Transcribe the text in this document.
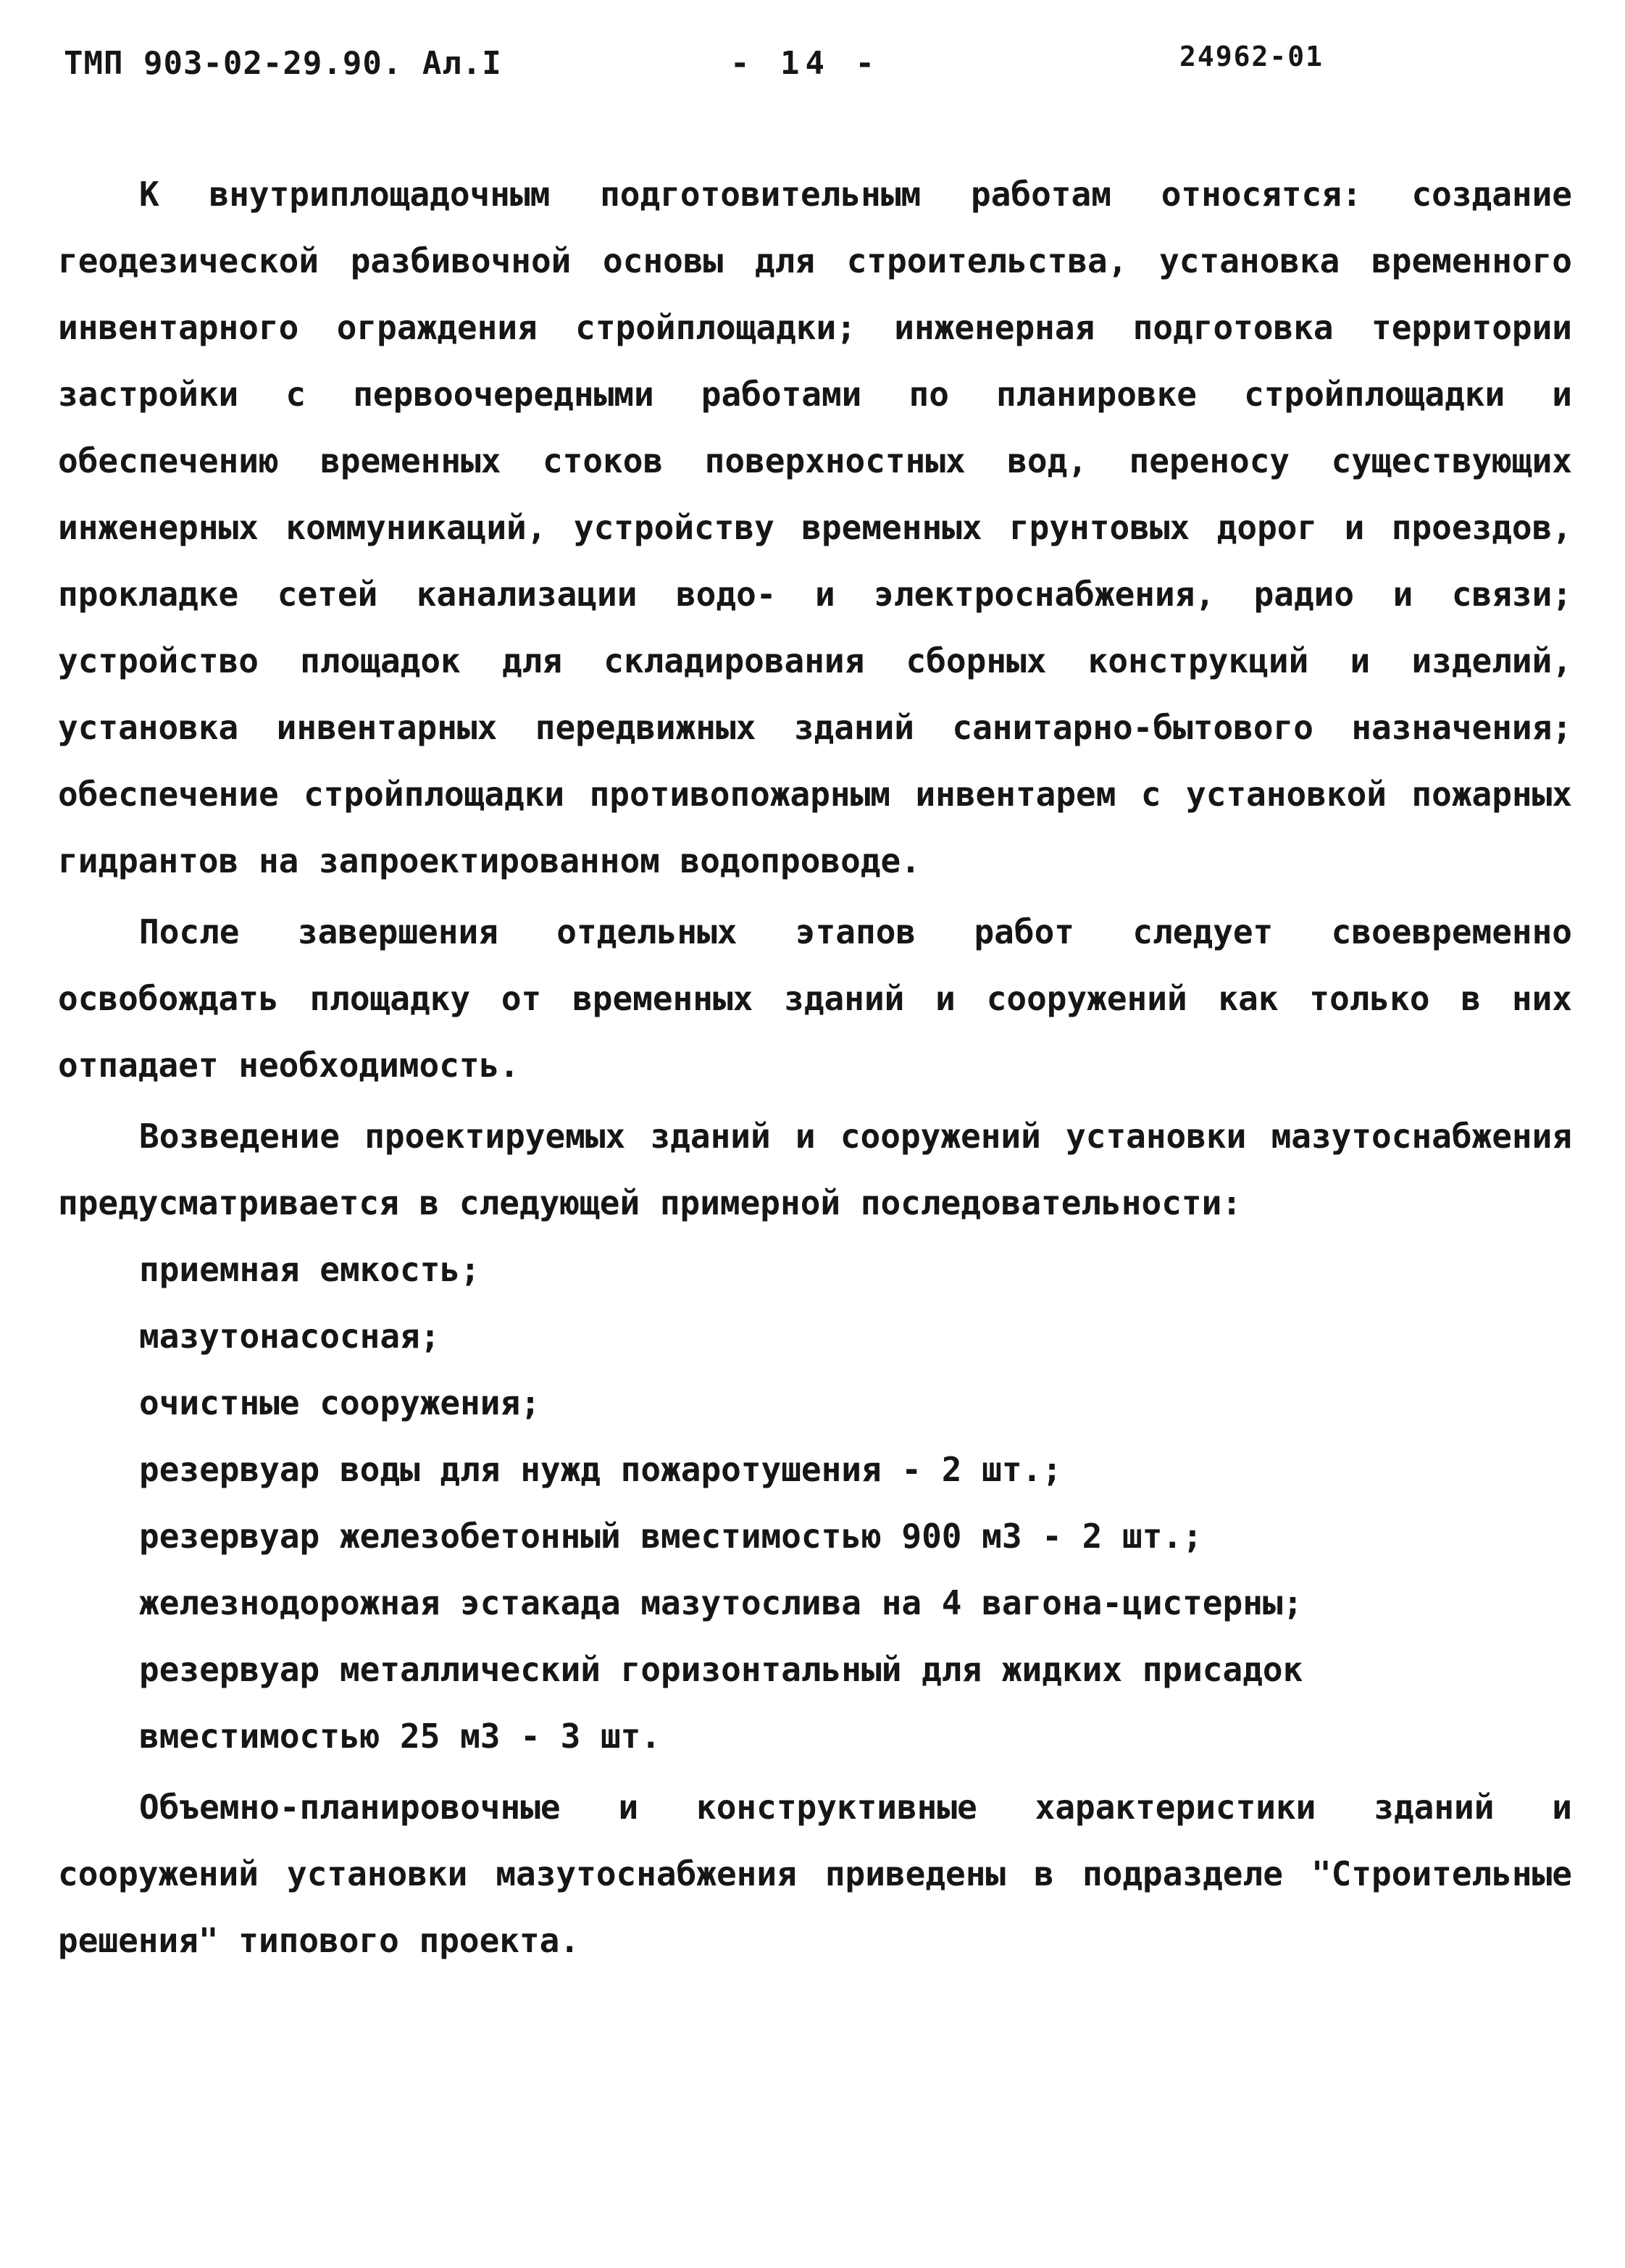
ТМП 903-02-29.90. Ал.I	- 14 -	24962-01

К внутриплощадочным подготовительным работам относятся: создание геодезической разбивочной основы для строительства, установка временного инвентарного ограждения стройплощадки; инженерная подготовка территории застройки с первоочередными работами по планировке стройплощадки и обеспечению временных стоков поверхностных вод, переносу существующих инженерных коммуникаций, устройству временных грунтовых дорог и проездов, прокладке сетей канализации водо- и электроснабжения, радио и связи; устройство площадок для складирования сборных конструкций и изделий, установка инвентарных передвижных зданий санитарно-бытового назначения; обеспечение стройплощадки противопожарным инвентарем с установкой пожарных гидрантов на запроектированном водопроводе.

После завершения отдельных этапов работ следует своевременно освобождать площадку от временных зданий и сооружений как только в них отпадает необходимость.

Возведение проектируемых зданий и сооружений установки мазутоснабжения предусматривается в следующей примерной последовательности:

приемная емкость;
мазутонасосная;
очистные сооружения;
резервуар воды для нужд пожаротушения - 2 шт.;
резервуар железобетонный вместимостью 900 м3 - 2 шт.;
железнодорожная эстакада мазутослива на 4 вагона-цистерны;
резервуар металлический горизонтальный для жидких присадок
вместимостью 25 м3 - 3 шт.

Объемно-планировочные и конструктивные характеристики зданий и сооружений установки мазутоснабжения приведены в подразделе "Строительные решения" типового проекта.
